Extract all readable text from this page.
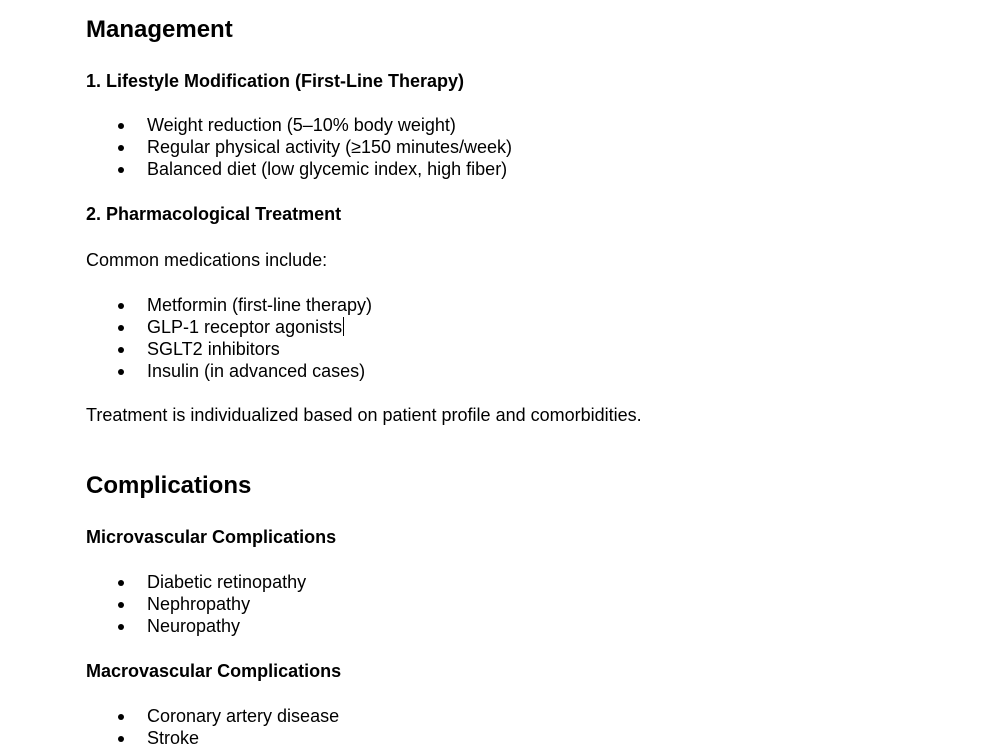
Management
1. Lifestyle Modification (First-Line Therapy)
Weight reduction (5–10% body weight)
Regular physical activity (≥150 minutes/week)
Balanced diet (low glycemic index, high fiber)
2. Pharmacological Treatment
Common medications include:
Metformin (first-line therapy)
GLP-1 receptor agonists
SGLT2 inhibitors
Insulin (in advanced cases)
Treatment is individualized based on patient profile and comorbidities.
Complications
Microvascular Complications
Diabetic retinopathy
Nephropathy
Neuropathy
Macrovascular Complications
Coronary artery disease
Stroke
